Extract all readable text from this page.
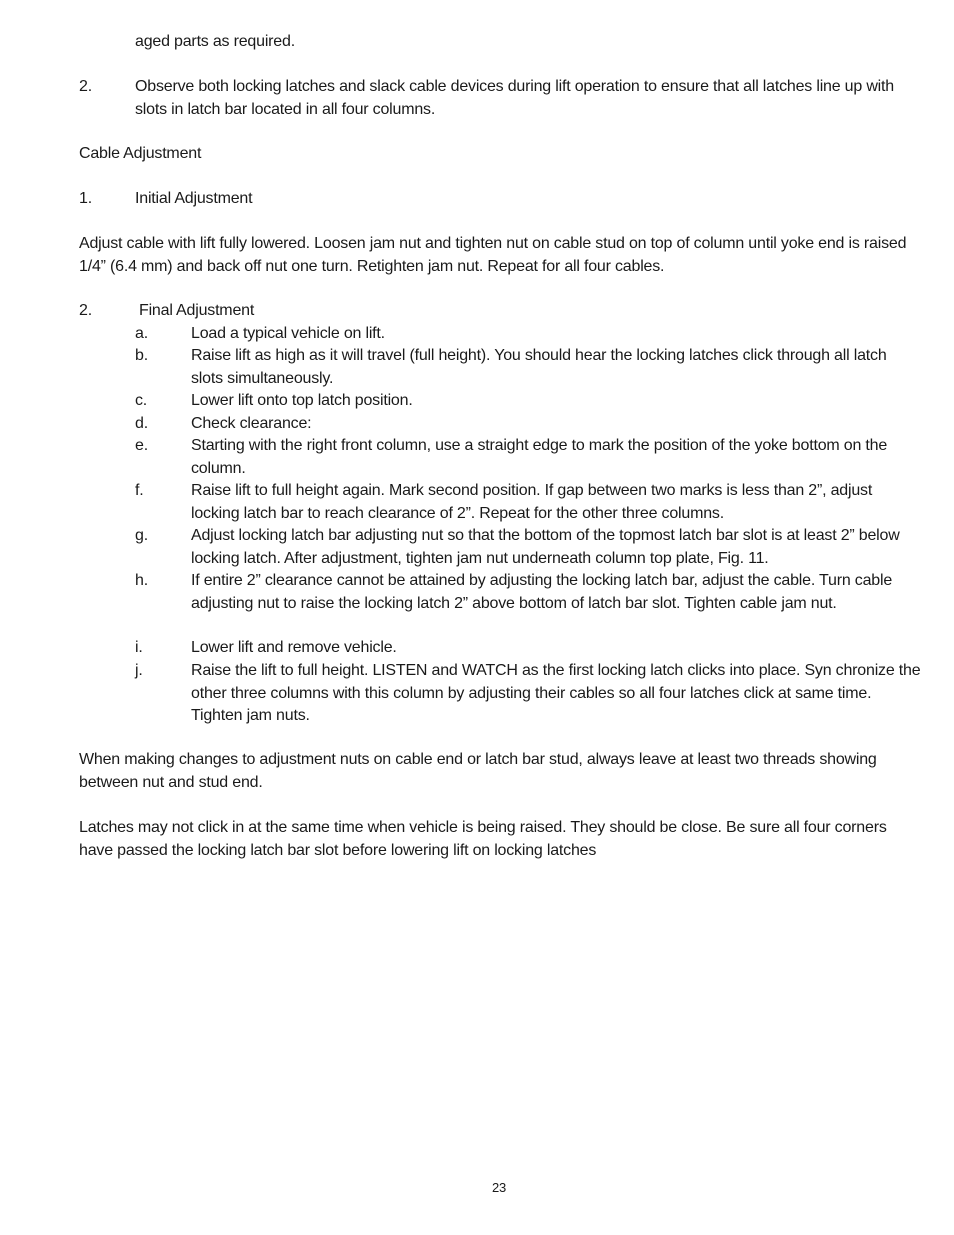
aged parts as required.
2.	Observe both locking latches and slack cable devices during lift operation to ensure that all latches line up with slots in latch bar located in all four columns.
Cable Adjustment
1.	Initial Adjustment
Adjust cable with lift fully lowered. Loosen jam nut and tighten nut on cable stud on top of column until yoke end is raised 1/4” (6.4 mm) and back off nut one turn. Retighten jam nut. Repeat for all four cables.
2.	Final Adjustment
a.	Load a typical vehicle on lift.
b.	Raise lift as high as it will travel (full height). You should hear the locking latches click through all latch slots simultaneously.
c.	Lower lift onto top latch position.
d.	Check clearance:
e.	Starting with the right front column, use a straight edge to mark the position of the yoke bottom on the column.
f.	Raise lift to full height again. Mark second position. If gap between two marks is less than 2”, adjust locking latch bar to reach clearance of 2”. Repeat for the other three columns.
g.	Adjust locking latch bar adjusting nut so that the bottom of the topmost latch bar slot is at least 2” below locking latch. After adjustment, tighten jam nut underneath column top plate, Fig. 11.
h.	If entire 2” clearance cannot be attained by adjusting the locking latch bar, adjust the cable. Turn cable adjusting nut to raise the locking latch 2” above bottom of latch bar slot. Tighten cable jam nut.
i.	Lower lift and remove vehicle.
j.	Raise the lift to full height. LISTEN and WATCH as the first locking latch clicks into place. Syn chronize the other three columns with this column by adjusting their cables so all four latches click at same time. Tighten jam nuts.
When making changes to adjustment nuts on cable end or latch bar stud, always leave at least two threads showing between nut and stud end.
Latches may not click in at the same time when vehicle is being raised. They should be close. Be sure all four corners have passed the locking latch bar slot before lowering lift on locking latches
23
